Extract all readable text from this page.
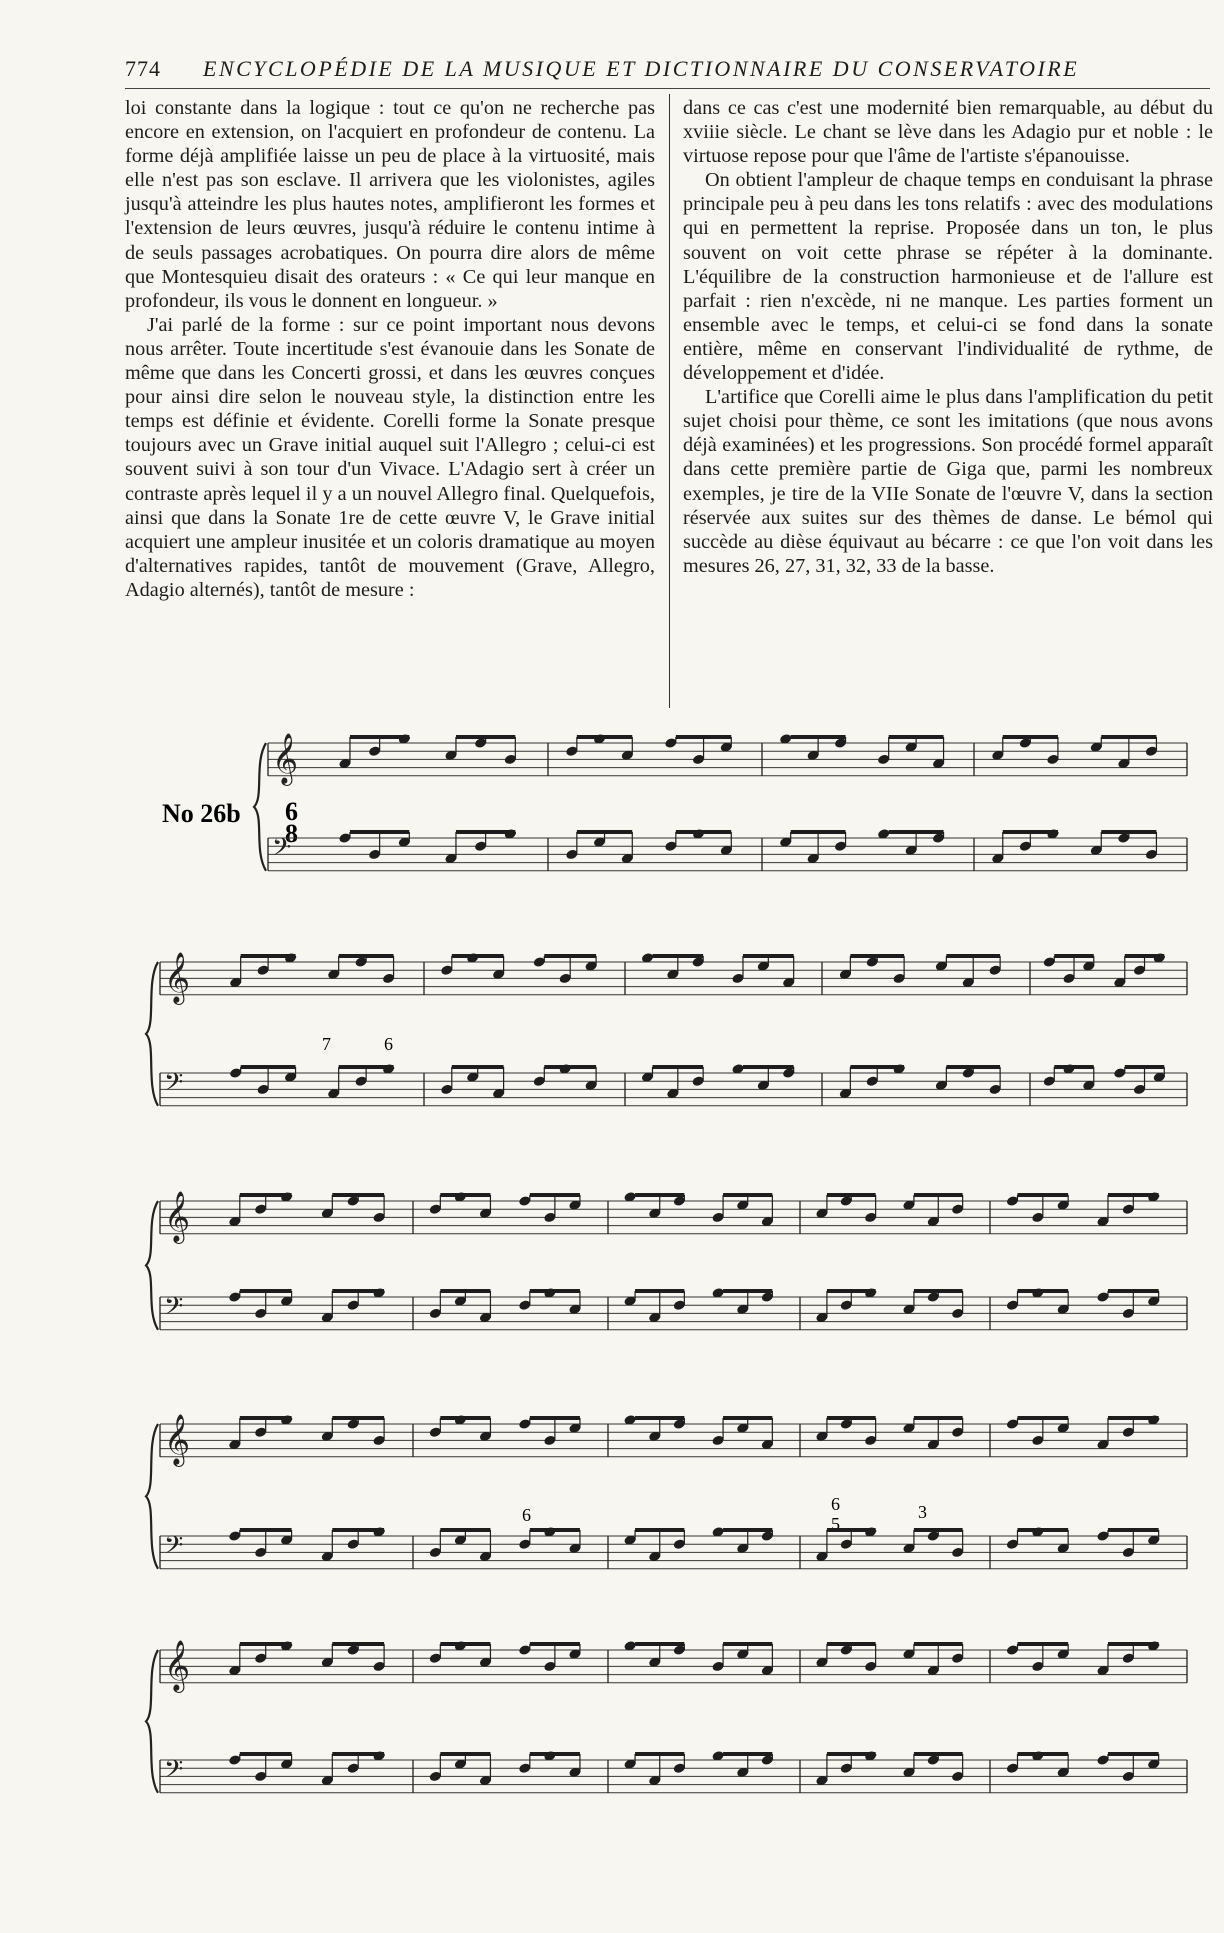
774 ENCYCLOPÉDIE DE LA MUSIQUE ET DICTIONNAIRE DU CONSERVATOIRE

loi constante dans la logique : tout ce qu'on ne recherche pas encore en extension, on l'acquiert en profondeur de contenu. La forme déjà amplifiée laisse un peu de place à la virtuosité, mais elle n'est pas son esclave. Il arrivera que les violonistes, agiles jusqu'à atteindre les plus hautes notes, amplifieront les formes et l'extension de leurs œuvres, jusqu'à réduire le contenu intime à de seuls passages acrobatiques. On pourra dire alors de même que Montesquieu disait des orateurs : « Ce qui leur manque en profondeur, ils vous le donnent en longueur. »

J'ai parlé de la forme : sur ce point important nous devons nous arrêter. Toute incertitude s'est évanouie dans les Sonate de même que dans les Concerti grossi, et dans les œuvres conçues pour ainsi dire selon le nouveau style, la distinction entre les temps est définie et évidente. Corelli forme la Sonate presque toujours avec un Grave initial auquel suit l'Allegro ; celui-ci est souvent suivi à son tour d'un Vivace. L'Adagio sert à créer un contraste après lequel il y a un nouvel Allegro final. Quelquefois, ainsi que dans la Sonate 1re de cette œuvre V, le Grave initial acquiert une ampleur inusitée et un coloris dramatique au moyen d'alternatives rapides, tantôt de mouvement (Grave, Allegro, Adagio alternés), tantôt de mesure :

dans ce cas c'est une modernité bien remarquable, au début du xviiie siècle. Le chant se lève dans les Adagio pur et noble : le virtuose repose pour que l'âme de l'artiste s'épanouisse.

On obtient l'ampleur de chaque temps en conduisant la phrase principale peu à peu dans les tons relatifs : avec des modulations qui en permettent la reprise. Proposée dans un ton, le plus souvent on voit cette phrase se répéter à la dominante. L'équilibre de la construction harmonieuse et de l'allure est parfait : rien n'excède, ni ne manque. Les parties forment un ensemble avec le temps, et celui-ci se fond dans la sonate entière, même en conservant l'individualité de rythme, de développement et d'idée.

L'artifice que Corelli aime le plus dans l'amplification du petit sujet choisi pour thème, ce sont les imitations (que nous avons déjà examinées) et les progressions. Son procédé formel apparaît dans cette première partie de Giga que, parmi les nombreux exemples, je tire de la VIIe Sonate de l'œuvre V, dans la section réservée aux suites sur des thèmes de danse. Le bémol qui succède au dièse équivaut au bécarre : ce que l'on voit dans les mesures 26, 27, 31, 32, 33 de la basse.

No 26b 6
8
7	6
6
6
5
3
𝄞
𝄢
𝄞
𝄢
𝄞
𝄢
𝄞
𝄢
𝄞
𝄢
